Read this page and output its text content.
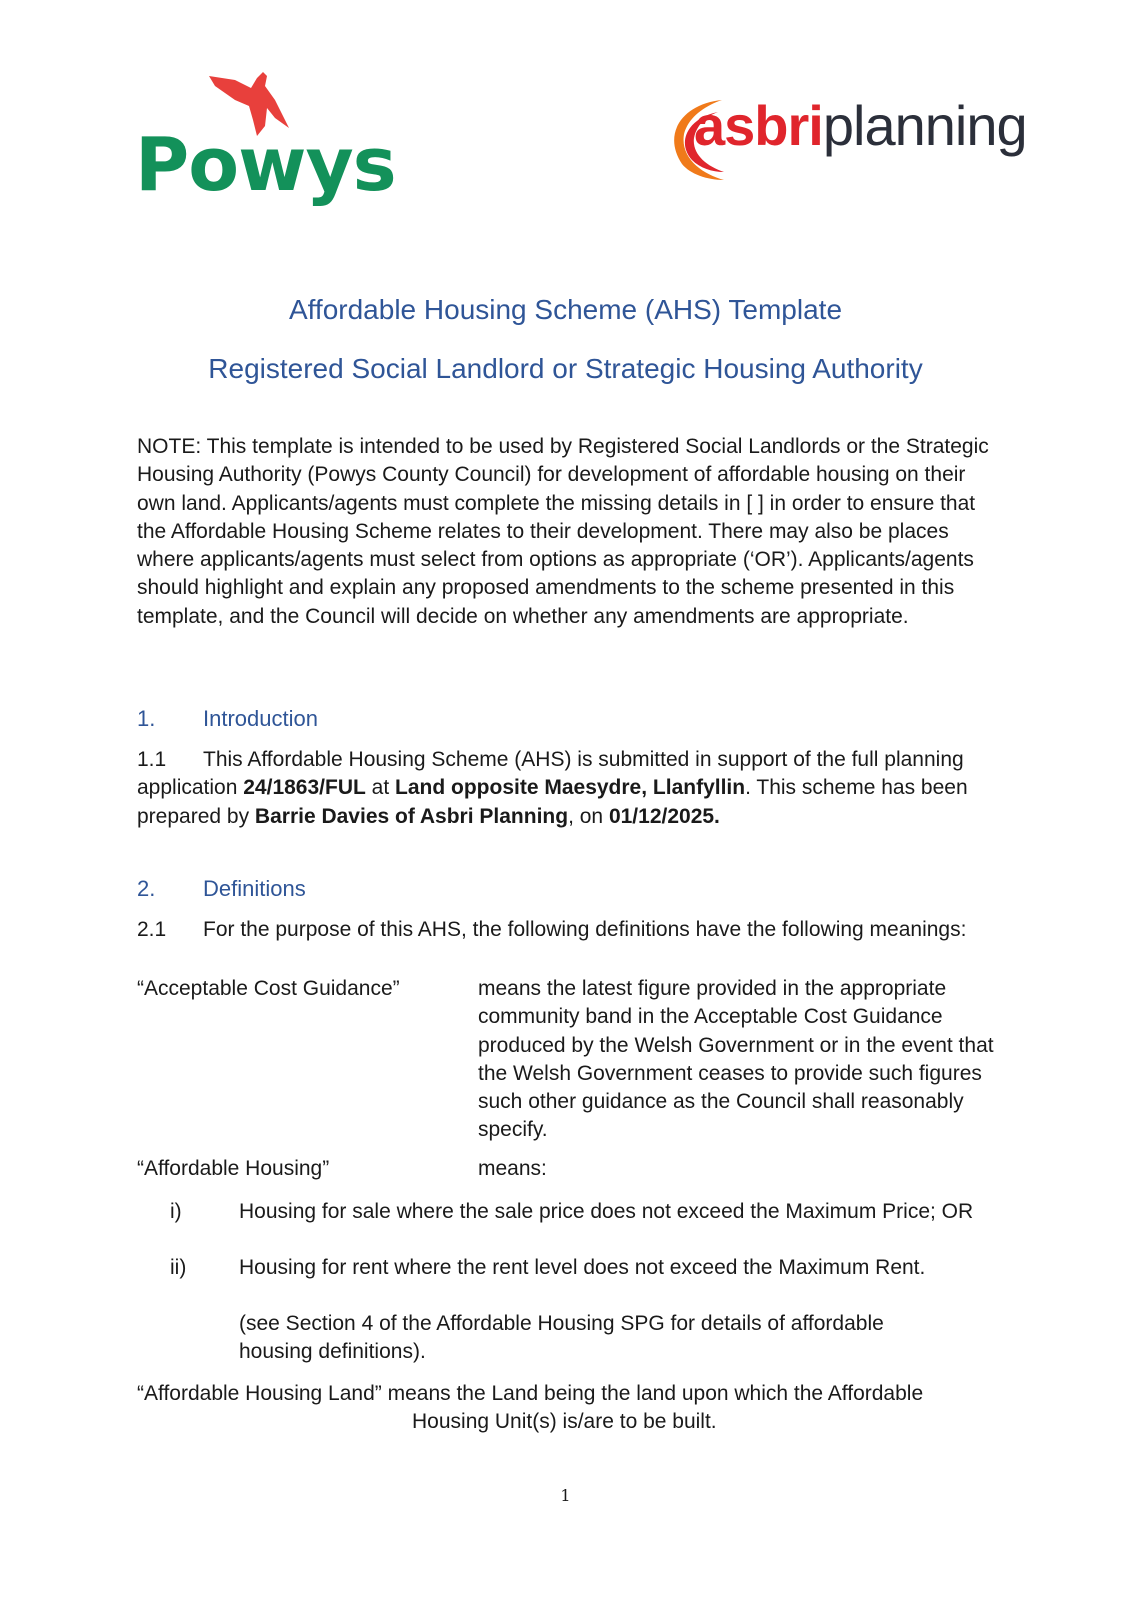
Powys	asbriplanning
Affordable Housing Scheme (AHS) Template
Registered Social Landlord or Strategic Housing Authority
NOTE: This template is intended to be used by Registered Social Landlords or the Strategic Housing Authority (Powys County Council) for development of affordable housing on their own land. Applicants/agents must complete the missing details in [ ] in order to ensure that the Affordable Housing Scheme relates to their development. There may also be places where applicants/agents must select from options as appropriate (‘OR’). Applicants/agents should highlight and explain any proposed amendments to the scheme presented in this template, and the Council will decide on whether any amendments are appropriate.
1. Introduction
1.1 This Affordable Housing Scheme (AHS) is submitted in support of the full planning application 24/1863/FUL at Land opposite Maesydre, Llanfyllin. This scheme has been prepared by Barrie Davies of Asbri Planning, on 01/12/2025.
2. Definitions
2.1 For the purpose of this AHS, the following definitions have the following meanings:
“Acceptable Cost Guidance”	means the latest figure provided in the appropriate community band in the Acceptable Cost Guidance produced by the Welsh Government or in the event that the Welsh Government ceases to provide such figures such other guidance as the Council shall reasonably specify.
“Affordable Housing”	means:
i)	Housing for sale where the sale price does not exceed the Maximum Price; OR
ii)	Housing for rent where the rent level does not exceed the Maximum Rent.
(see Section 4 of the Affordable Housing SPG for details of affordable housing definitions).
“Affordable Housing Land” means the Land being the land upon which the Affordable
Housing Unit(s) is/are to be built.
1
